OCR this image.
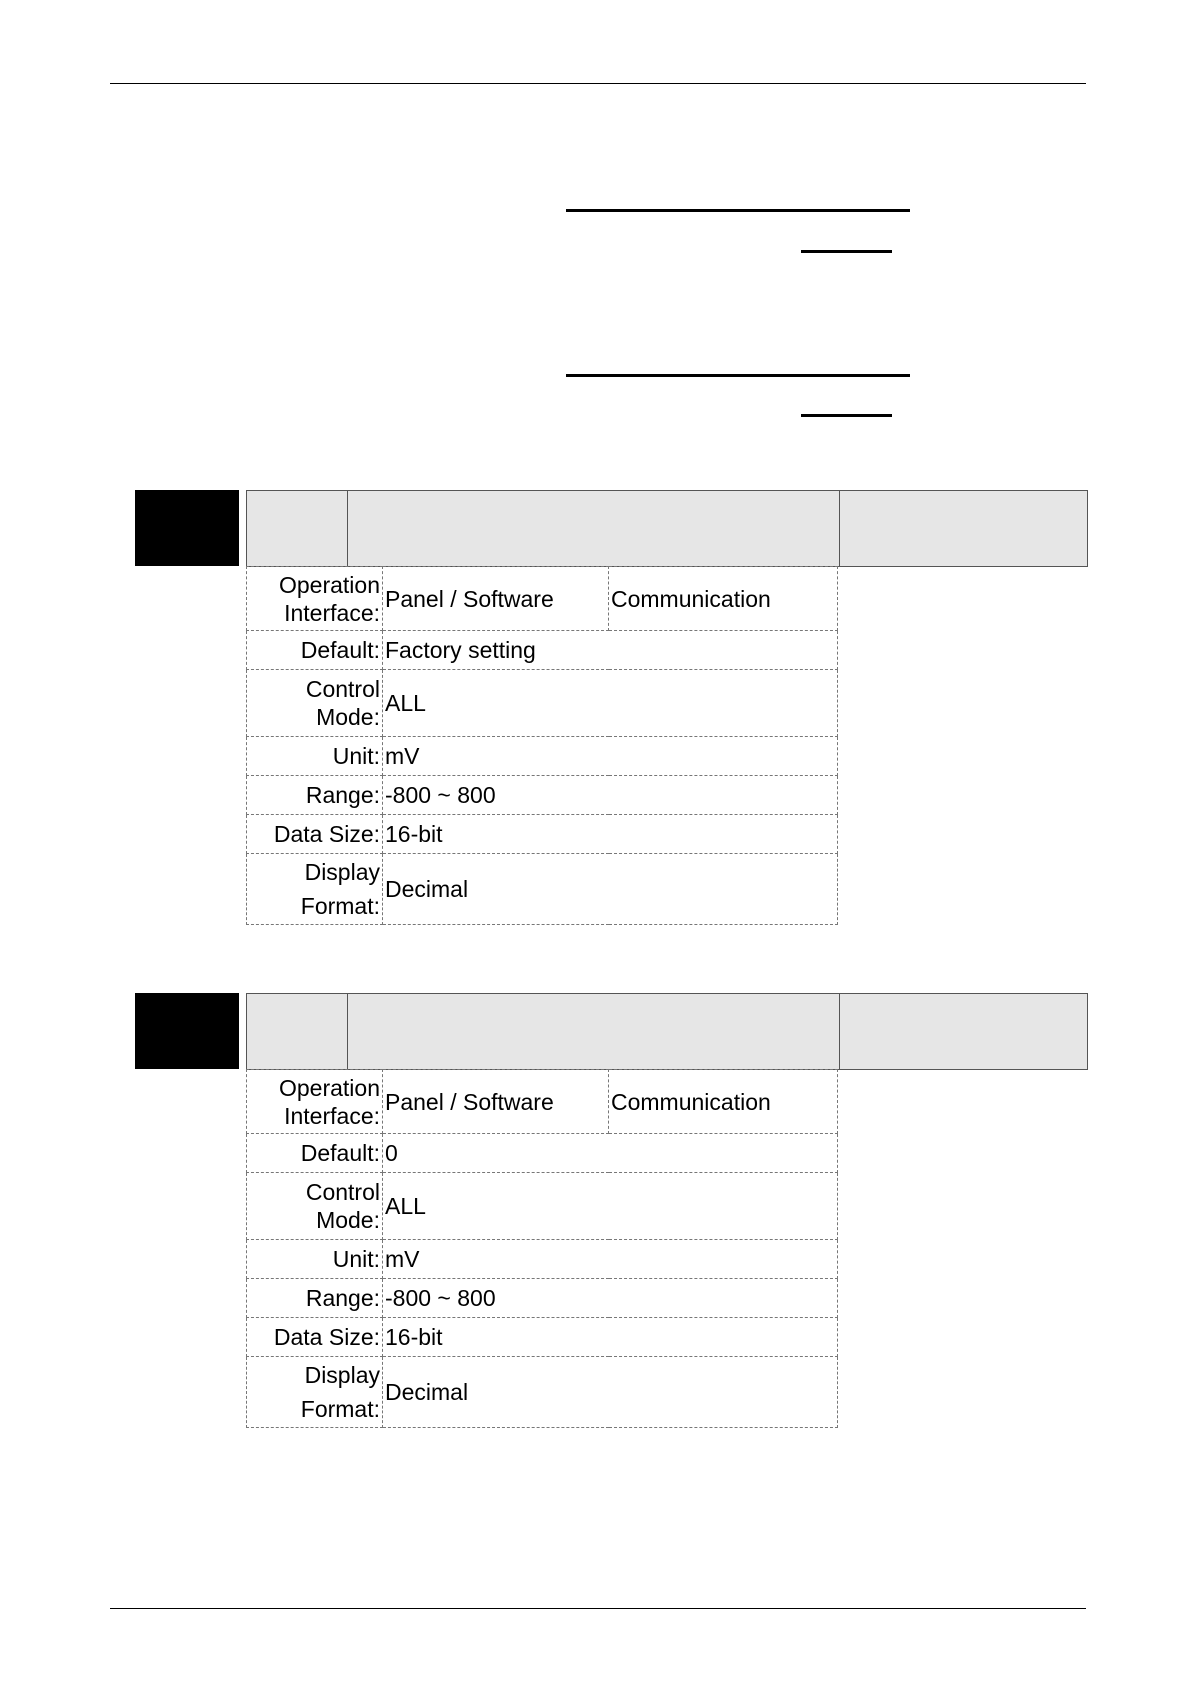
Operation
Interface:	Panel / Software	Communication
Default:	Factory setting	

Control
Mode:	ALL	
Unit:	mV	
Range:	-800 ~ 800	
Data Size:	16-bit	

Display
Format:	Decimal	
Operation
Interface:	Panel / Software	Communication
Default:	0	

Control
Mode:	ALL	
Unit:	mV	
Range:	-800 ~ 800	
Data Size:	16-bit	

Display
Format:	Decimal	
